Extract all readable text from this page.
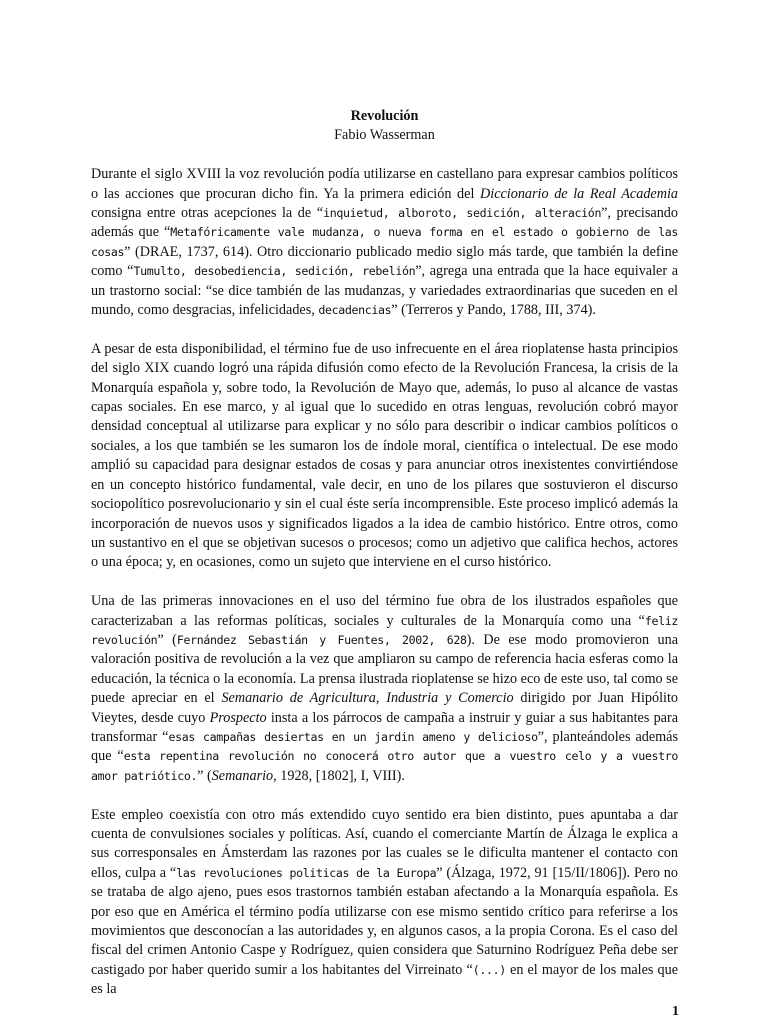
Revolución

Fabio Wasserman

Durante el siglo XVIII la voz revolución podía utilizarse en castellano para expresar cambios políticos o las acciones que procuran dicho fin. Ya la primera edición del Diccionario de la Real Academia consigna entre otras acepciones la de “inquietud, alboroto, sedición, alteración”, precisando además que “Metafóricamente vale mudanza, o nueva forma en el estado o gobierno de las cosas” (DRAE, 1737, 614). Otro diccionario publicado medio siglo más tarde, que también la define como “Tumulto, desobediencia, sedición, rebelión”, agrega una entrada que la hace equivaler a un trastorno social: “se dice también de las mudanzas, y variedades extraordinarias que suceden en el mundo, como desgracias, infelicidades, decadencias” (Terreros y Pando, 1788, III, 374).

A pesar de esta disponibilidad, el término fue de uso infrecuente en el área rioplatense hasta principios del siglo XIX cuando logró una rápida difusión como efecto de la Revolución Francesa, la crisis de la Monarquía española y, sobre todo, la Revolución de Mayo que, además, lo puso al alcance de vastas capas sociales. En ese marco, y al igual que lo sucedido en otras lenguas, revolución cobró mayor densidad conceptual al utilizarse para explicar y no sólo para describir o indicar cambios políticos o sociales, a los que también se les sumaron los de índole moral, científica o intelectual. De ese modo amplió su capacidad para designar estados de cosas y para anunciar otros inexistentes convirtiéndose en un concepto histórico fundamental, vale decir, en uno de los pilares que sostuvieron el discurso sociopolítico posrevolucionario y sin el cual éste sería incomprensible. Este proceso implicó además la incorporación de nuevos usos y significados ligados a la idea de cambio histórico. Entre otros, como un sustantivo en el que se objetivan sucesos o procesos; como un adjetivo que califica hechos, actores o una época; y, en ocasiones, como un sujeto que interviene en el curso histórico.

Una de las primeras innovaciones en el uso del término fue obra de los ilustrados españoles que caracterizaban a las reformas políticas, sociales y culturales de la Monarquía como una “feliz revolución” (Fernández Sebastián y Fuentes, 2002, 628). De ese modo promovieron una valoración positiva de revolución a la vez que ampliaron su campo de referencia hacia esferas como la educación, la técnica o la economía. La prensa ilustrada rioplatense se hizo eco de este uso, tal como se puede apreciar en el Semanario de Agricultura, Industria y Comercio dirigido por Juan Hipólito Vieytes, desde cuyo Prospecto insta a los párrocos de campaña a instruir y guiar a sus habitantes para transformar “esas campañas desiertas en un jardin ameno y delicioso”, planteándoles además que “esta repentina revolución no conocerá otro autor que a vuestro celo y a vuestro amor patriótico.” (Semanario, 1928, [1802], I, VIII).

Este empleo coexistía con otro más extendido cuyo sentido era bien distinto, pues apuntaba a dar cuenta de convulsiones sociales y políticas. Así, cuando el comerciante Martín de Álzaga le explica a sus corresponsales en Ámsterdam las razones por las cuales se le dificulta mantener el contacto con ellos, culpa a “las revoluciones politicas de la Europa” (Álzaga, 1972, 91 [15/II/1806]). Pero no se trataba de algo ajeno, pues esos trastornos también estaban afectando a la Monarquía española. Es por eso que en América el término podía utilizarse con ese mismo sentido crítico para referirse a los movimientos que desconocían a las autoridades y, en algunos casos, a la propia Corona. Es el caso del fiscal del crimen Antonio Caspe y Rodríguez, quien considera que Saturnino Rodríguez Peña debe ser castigado por haber querido sumir a los habitantes del Virreinato “(...) en el mayor de los males que es la

1
